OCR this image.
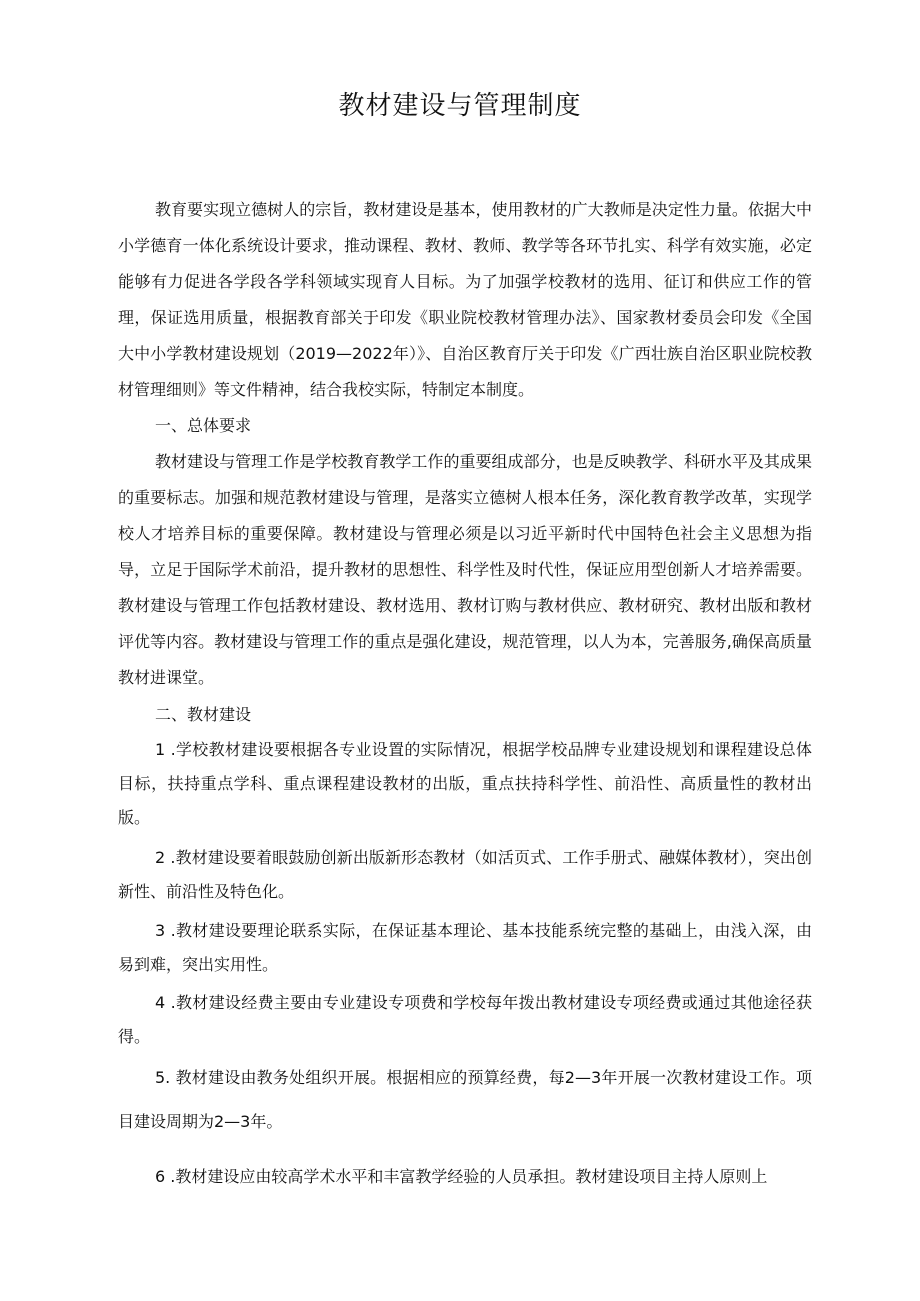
教材建设与管理制度

教育要实现立德树人的宗旨，教材建设是基本，使用教材的广大教师是决定性力量。依据大中小学德育一体化系统设计要求，推动课程、教材、教师、教学等各环节扎实、科学有效实施，必定能够有力促进各学段各学科领域实现育人目标。为了加强学校教材的选用、征订和供应工作的管理，保证选用质量，根据教育部关于印发《职业院校教材管理办法》、国家教材委员会印发《全国大中小学教材建设规划（2019—2022年）》、自治区教育厅关于印发《广西壮族自治区职业院校教材管理细则》等文件精神，结合我校实际，特制定本制度。

一、总体要求

教材建设与管理工作是学校教育教学工作的重要组成部分，也是反映教学、科研水平及其成果的重要标志。加强和规范教材建设与管理，是落实立德树人根本任务，深化教育教学改革，实现学校人才培养目标的重要保障。教材建设与管理必须是以习近平新时代中国特色社会主义思想为指导，立足于国际学术前沿，提升教材的思想性、科学性及时代性，保证应用型创新人才培养需要。教材建设与管理工作包括教材建设、教材选用、教材订购与教材供应、教材研究、教材出版和教材评优等内容。教材建设与管理工作的重点是强化建设，规范管理，以人为本，完善服务,确保高质量教材进课堂。

二、教材建设

1 .学校教材建设要根据各专业设置的实际情况，根据学校品牌专业建设规划和课程建设总体目标，扶持重点学科、重点课程建设教材的出版，重点扶持科学性、前沿性、高质量性的教材出版。

2 .教材建设要着眼鼓励创新出版新形态教材（如活页式、工作手册式、融媒体教材），突出创新性、前沿性及特色化。

3 .教材建设要理论联系实际，在保证基本理论、基本技能系统完整的基础上，由浅入深，由易到难，突出实用性。

4 .教材建设经费主要由专业建设专项费和学校每年拨出教材建设专项经费或通过其他途径获得。

5. 教材建设由教务处组织开展。根据相应的预算经费，每2—3年开展一次教材建设工作。项目建设周期为2—3年。

6 .教材建设应由较高学术水平和丰富教学经验的人员承担。教材建设项目主持人原则上
